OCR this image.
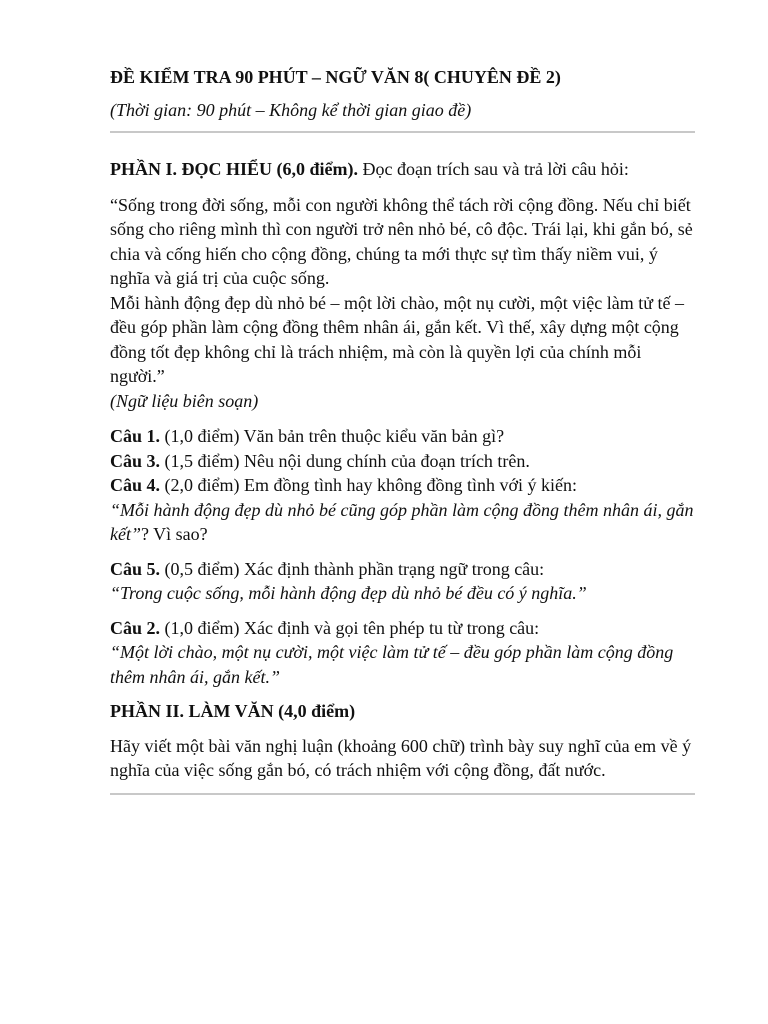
ĐỀ KIỂM TRA 90 PHÚT – NGỮ VĂN 8( CHUYÊN ĐỀ 2)

(Thời gian: 90 phút – Không kể thời gian giao đề)

PHẦN I. ĐỌC HIỂU (6,0 điểm). Đọc đoạn trích sau và trả lời câu hỏi:

“Sống trong đời sống, mỗi con người không thể tách rời cộng đồng. Nếu chỉ biết sống cho riêng mình thì con người trở nên nhỏ bé, cô độc. Trái lại, khi gắn bó, sẻ chia và cống hiến cho cộng đồng, chúng ta mới thực sự tìm thấy niềm vui, ý nghĩa và giá trị của cuộc sống.

Mỗi hành động đẹp dù nhỏ bé – một lời chào, một nụ cười, một việc làm tử tế – đều góp phần làm cộng đồng thêm nhân ái, gắn kết. Vì thế, xây dựng một cộng đồng tốt đẹp không chỉ là trách nhiệm, mà còn là quyền lợi của chính mỗi người.”

(Ngữ liệu biên soạn)

Câu 1. (1,0 điểm) Văn bản trên thuộc kiểu văn bản gì?

Câu 3. (1,5 điểm) Nêu nội dung chính của đoạn trích trên.

Câu 4. (2,0 điểm) Em đồng tình hay không đồng tình với ý kiến:

“Mỗi hành động đẹp dù nhỏ bé cũng góp phần làm cộng đồng thêm nhân ái, gắn kết”? Vì sao?

Câu 5. (0,5 điểm) Xác định thành phần trạng ngữ trong câu:

“Trong cuộc sống, mỗi hành động đẹp dù nhỏ bé đều có ý nghĩa.”

Câu 2. (1,0 điểm) Xác định và gọi tên phép tu từ trong câu:

“Một lời chào, một nụ cười, một việc làm tử tế – đều góp phần làm cộng đồng thêm nhân ái, gắn kết.”

PHẦN II. LÀM VĂN (4,0 điểm)

Hãy viết một bài văn nghị luận (khoảng 600 chữ) trình bày suy nghĩ của em về ý nghĩa của việc sống gắn bó, có trách nhiệm với cộng đồng, đất nước.
